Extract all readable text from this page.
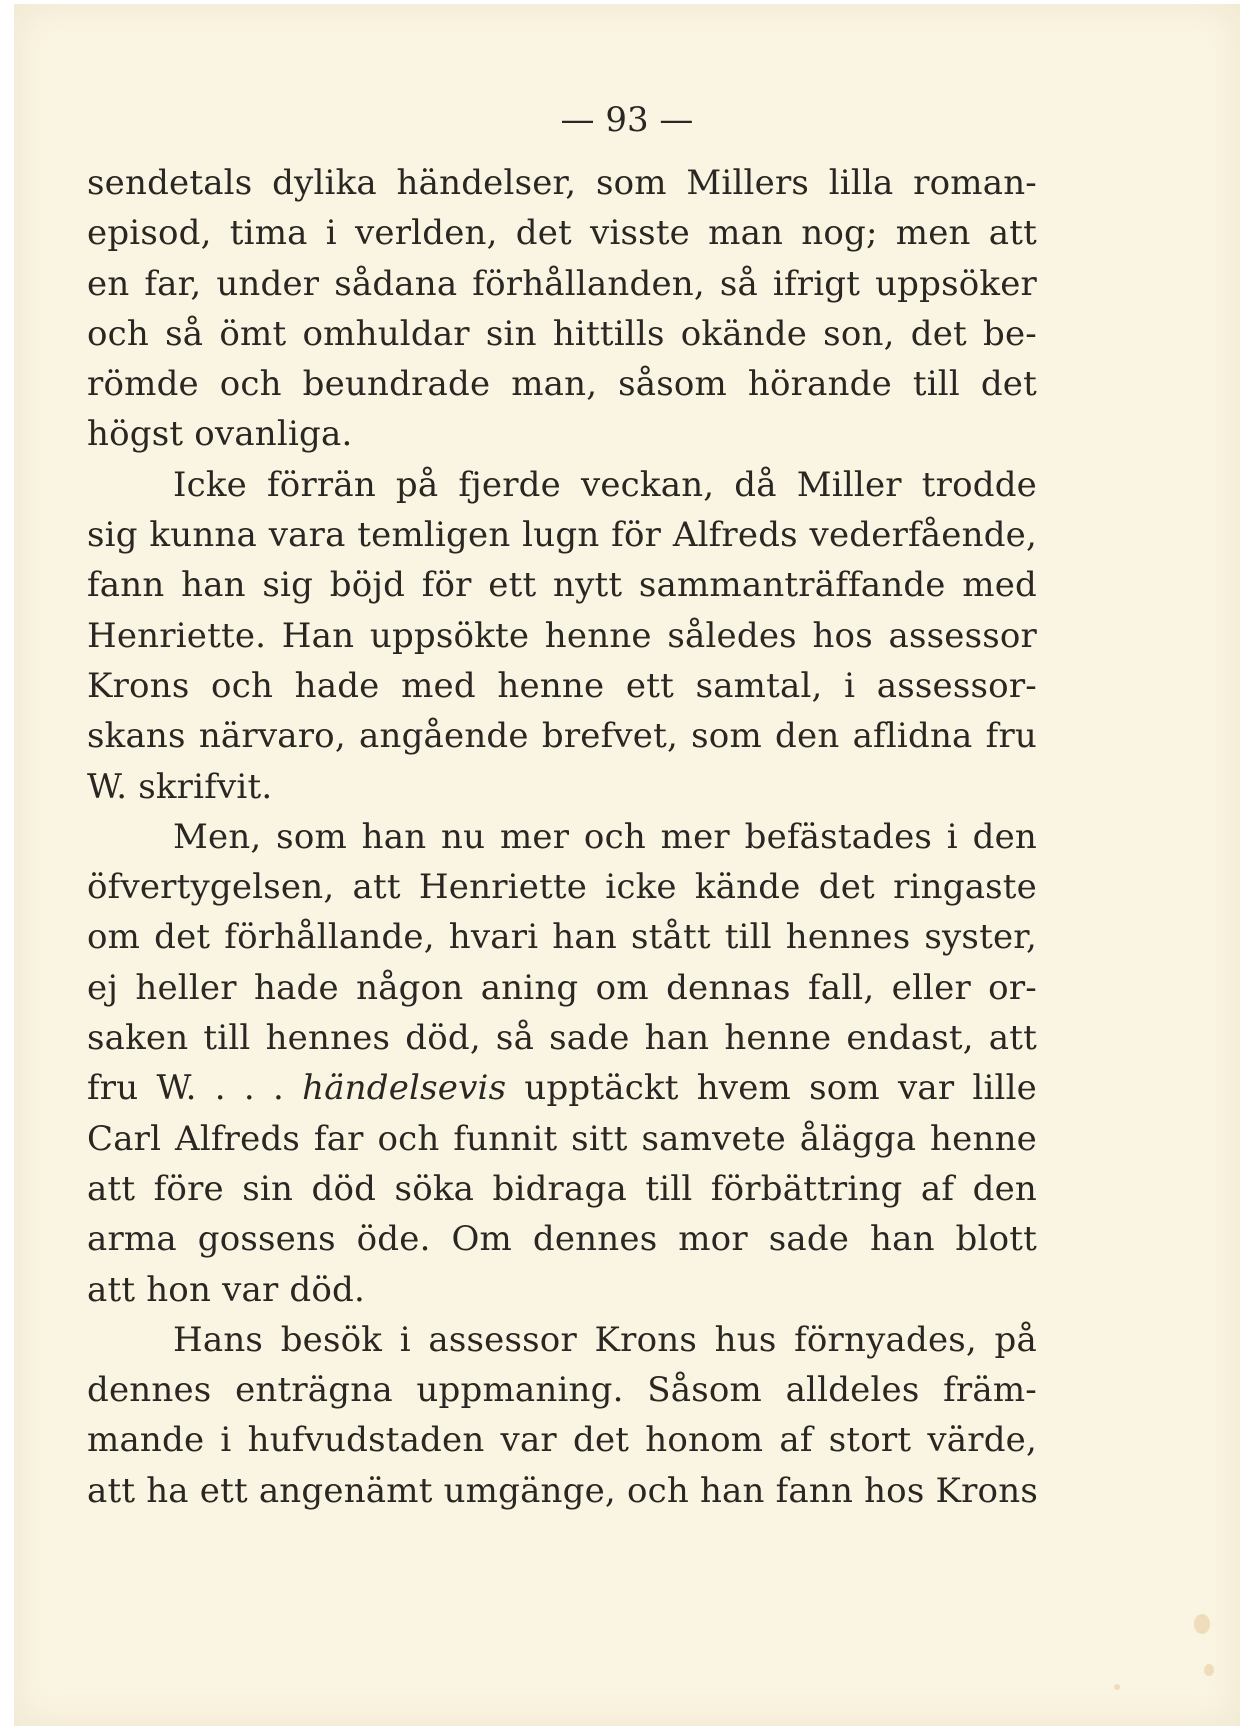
— 93 —

sendetals dylika händelser, som Millers lilla roman-
episod, tima i verlden, det visste man nog; men att
en far, under sådana förhållanden, så ifrigt uppsöker
och så ömt omhuldar sin hittills okände son, det be-
römde och beundrade man, såsom hörande till det
högst ovanliga.
Icke förrän på fjerde veckan, då Miller trodde
sig kunna vara temligen lugn för Alfreds vederfående,
fann han sig böjd för ett nytt sammanträffande med
Henriette. Han uppsökte henne således hos assessor
Krons och hade med henne ett samtal, i assessor-
skans närvaro, angående brefvet, som den aflidna fru
W. skrifvit.
Men, som han nu mer och mer befästades i den
öfvertygelsen, att Henriette icke kände det ringaste
om det förhållande, hvari han stått till hennes syster,
ej heller hade någon aning om dennas fall, eller or-
saken till hennes död, så sade han henne endast, att
fru W. . . . händelsevis upptäckt hvem som var lille
Carl Alfreds far och funnit sitt samvete ålägga henne
att före sin död söka bidraga till förbättring af den
arma gossens öde. Om dennes mor sade han blott
att hon var död.
Hans besök i assessor Krons hus förnyades, på
dennes enträgna uppmaning. Såsom alldeles främ-
mande i hufvudstaden var det honom af stort värde,
att ha ett angenämt umgänge, och han fann hos Krons
